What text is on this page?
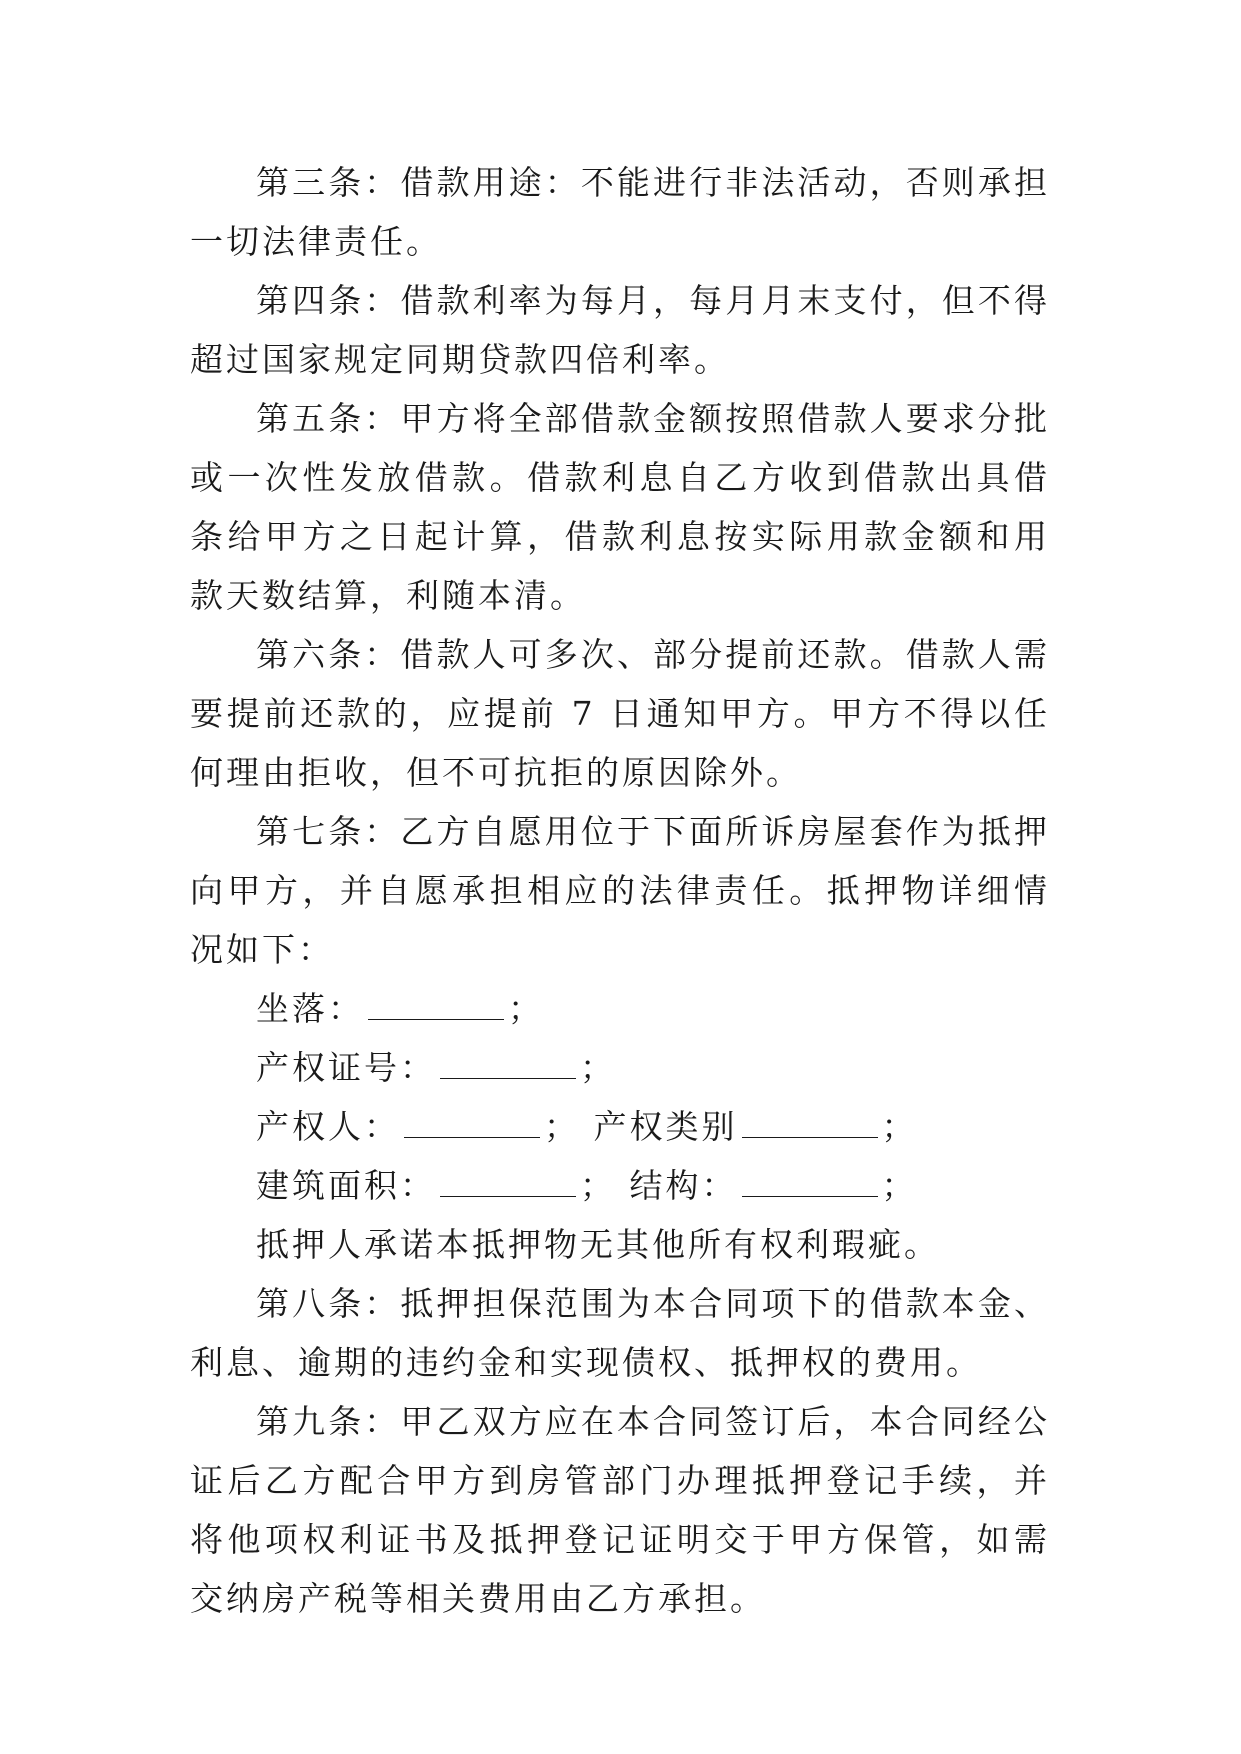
第三条：借款用途：不能进行非法活动，否则承担一切法律责任。

第四条：借款利率为每月，每月月末支付，但不得超过国家规定同期贷款四倍利率。

第五条：甲方将全部借款金额按照借款人要求分批或一次性发放借款。借款利息自乙方收到借款出具借条给甲方之日起计算，借款利息按实际用款金额和用款天数结算，利随本清。

第六条：借款人可多次、部分提前还款。借款人需要提前还款的，应提前 7 日通知甲方。甲方不得以任何理由拒收，但不可抗拒的原因除外。

第七条：乙方自愿用位于下面所诉房屋套作为抵押向甲方，并自愿承担相应的法律责任。抵押物详细情况如下：

坐落：	；

产权证号：	；

产权人：	； 产权类别	；

建筑面积：	； 结构：	；

抵押人承诺本抵押物无其他所有权利瑕疵。

第八条：抵押担保范围为本合同项下的借款本金、利息、逾期的违约金和实现债权、抵押权的费用。

第九条：甲乙双方应在本合同签订后，本合同经公证后乙方配合甲方到房管部门办理抵押登记手续，并将他项权利证书及抵押登记证明交于甲方保管，如需交纳房产税等相关费用由乙方承担。
